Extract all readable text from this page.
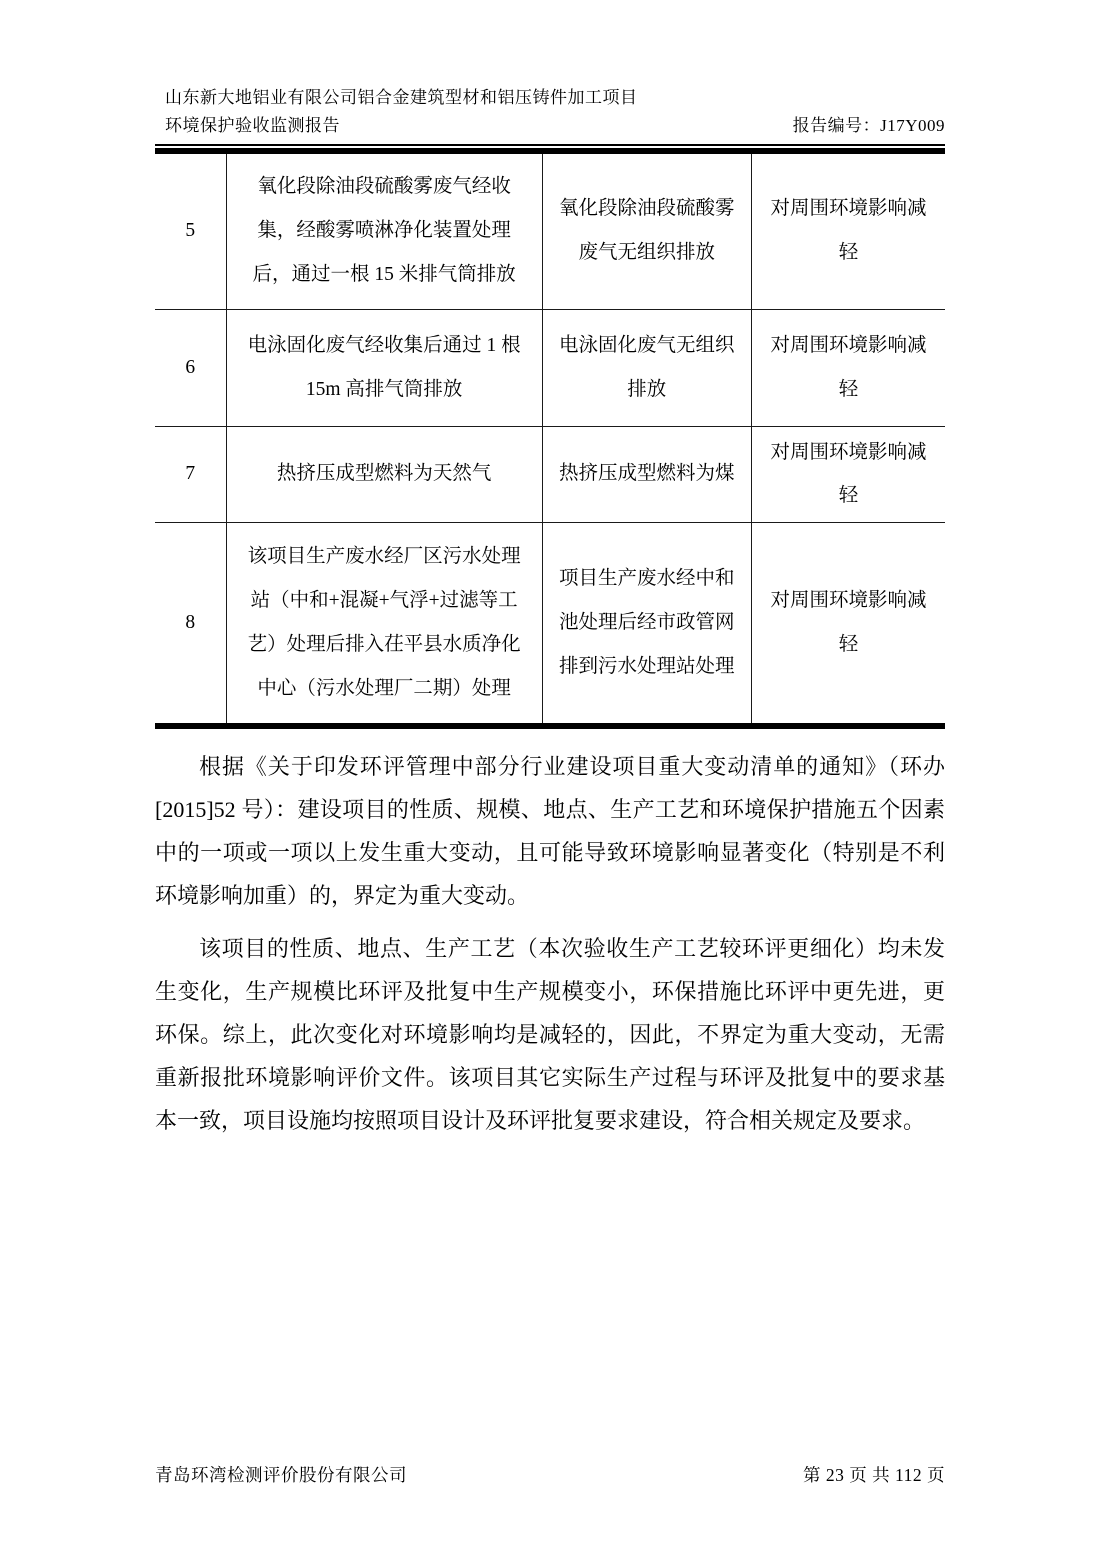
山东新大地铝业有限公司铝合金建筑型材和铝压铸件加工项目
环境保护验收监测报告	报告编号：J17Y009
5	氧化段除油段硫酸雾废气经收集，经酸雾喷淋净化装置处理后，通过一根 15 米排气筒排放	氧化段除油段硫酸雾废气无组织排放	对周围环境影响减轻
6	电泳固化废气经收集后通过 1 根 15m 高排气筒排放	电泳固化废气无组织排放	对周围环境影响减轻
7	热挤压成型燃料为天然气	热挤压成型燃料为煤	对周围环境影响减轻
8	该项目生产废水经厂区污水处理站（中和+混凝+气浮+过滤等工艺）处理后排入茌平县水质净化中心（污水处理厂二期）处理	项目生产废水经中和池处理后经市政管网排到污水处理站处理	对周围环境影响减轻

根据《关于印发环评管理中部分行业建设项目重大变动清单的通知》（环办[2015]52 号）：建设项目的性质、规模、地点、生产工艺和环境保护措施五个因素中的一项或一项以上发生重大变动，且可能导致环境影响显著变化（特别是不利环境影响加重）的，界定为重大变动。

该项目的性质、地点、生产工艺（本次验收生产工艺较环评更细化）均未发生变化，生产规模比环评及批复中生产规模变小，环保措施比环评中更先进，更环保。综上，此次变化对环境影响均是减轻的，因此，不界定为重大变动，无需重新报批环境影响评价文件。该项目其它实际生产过程与环评及批复中的要求基本一致，项目设施均按照项目设计及环评批复要求建设，符合相关规定及要求。

青岛环湾检测评价股份有限公司	第 23 页 共 112 页
